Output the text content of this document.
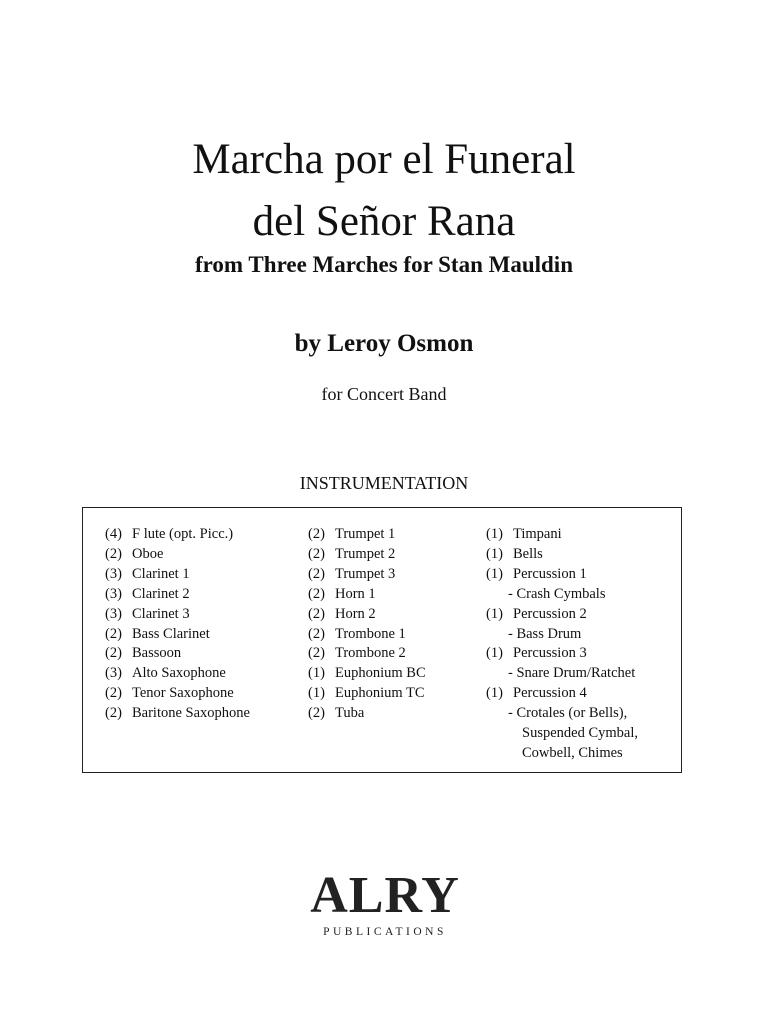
Marcha por el Funeral
del Señor Rana
from Three Marches for Stan Mauldin
by Leroy Osmon
for Concert Band
INSTRUMENTATION
(4) F lute (opt. Picc.)
(2) Oboe
(3) Clarinet 1
(3) Clarinet 2
(3) Clarinet 3
(2) Bass Clarinet
(2) Bassoon
(3) Alto Saxophone
(2) Tenor Saxophone
(2) Baritone Saxophone
(2) Trumpet 1
(2) Trumpet 2
(2) Trumpet 3
(2) Horn 1
(2) Horn 2
(2) Trombone 1
(2) Trombone 2
(1) Euphonium BC
(1) Euphonium TC
(2) Tuba
(1) Timpani
(1) Bells
(1) Percussion 1
- Crash Cymbals
(1) Percussion 2
- Bass Drum
(1) Percussion 3
- Snare Drum/Ratchet
(1) Percussion 4
- Crotales (or Bells),
Suspended Cymbal,
Cowbell, Chimes
ALRY
PUBLICATIONS
